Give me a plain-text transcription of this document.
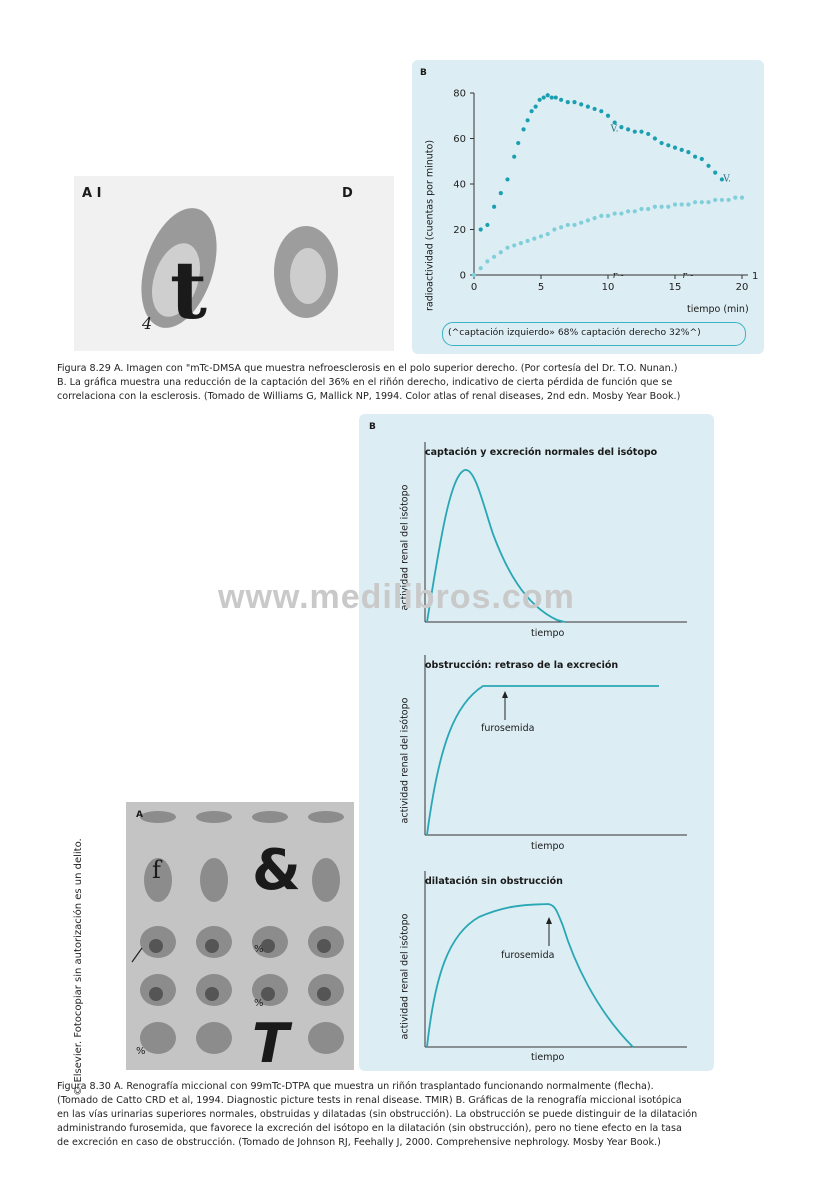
A I	D
4 t
B
0
20
40
60
80
0	5	10	15	20
r~	r~	1
V.
V.
radioactividad (cuentas por minuto)	tiempo (min)
(^captación izquierdo» 68% captación derecho 32%^)
Figura 8.29 A. Imagen con "mTc-DMSA que muestra nefroesclerosis en el polo superior derecho. (Por cortesía del Dr. T.O. Nunan.)
B. La gráfica muestra una reducción de la captación del 36% en el riñón derecho, indicativo de cierta pérdida de función que se
correlaciona con la esclerosis. (Tomado de Williams G, Mallick NP, 1994. Color atlas of renal diseases, 2nd edn. Mosby Year Book.)
B
captación y excreción normales del isótopo
actividad renal del isótopo
tiempo
obstrucción: retraso de la excreción
actividad renal del isótopo
tiempo
furosemida
dilatación sin obstrucción
actividad renal del isótopo
tiempo
furosemida
A
f &
%
%
% T
Figura 8.30 A. Renografía miccional con 99mTc-DTPA que muestra un riñón trasplantado funcionando normalmente (flecha).
(Tomado de Catto CRD et al, 1994. Diagnostic picture tests in renal disease. TMIR) B. Gráficas de la renografía miccional isotópica
en las vías urinarias superiores normales, obstruidas y dilatadas (sin obstrucción). La obstrucción se puede distinguir de la dilatación
administrando furosemida, que favorece la excreción del isótopo en la dilatación (sin obstrucción), pero no tiene efecto en la tasa
de excreción en caso de obstrucción. (Tomado de Johnson RJ, Feehally J, 2000. Comprehensive nephrology. Mosby Year Book.)
www.medilibros.com
© Elsevier. Fotocopiar sin autorización es un delito.
